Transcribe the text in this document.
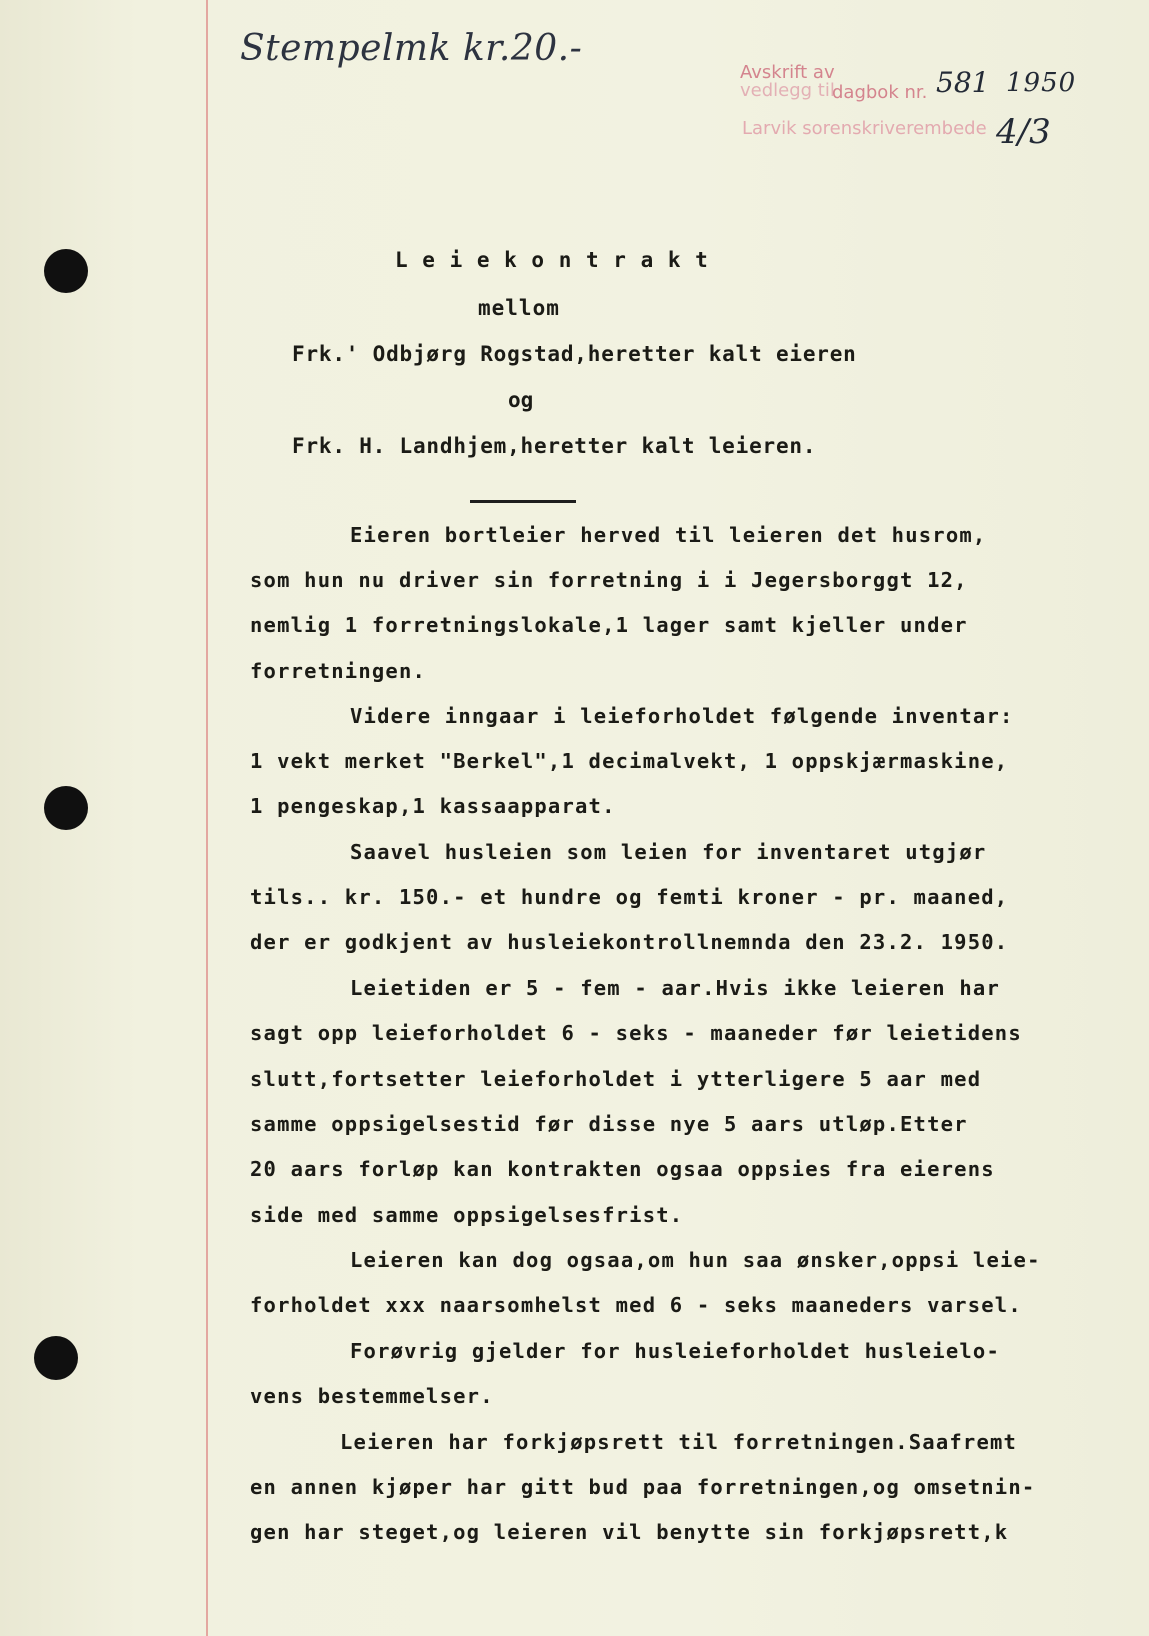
Stempelmk kr.20.-
Avskrift av
vedlegg til
dagbok nr.
Larvik sorenskriverembede
581 1950
4/3
L e i e k o n t r a k t
mellom
Frk.' Odbjørg Rogstad,heretter kalt eieren
og
Frk. H. Landhjem,heretter kalt leieren.
Eieren bortleier herved til leieren det husrom,
som hun nu driver sin forretning i i Jegersborggt 12,
nemlig 1 forretningslokale,1 lager samt kjeller under
forretningen.
Videre inngaar i leieforholdet følgende inventar:
1 vekt merket "Berkel",1 decimalvekt, 1 oppskjærmaskine,
1 pengeskap,1 kassaapparat.
Saavel husleien som leien for inventaret utgjør
tils.. kr. 150.- et hundre og femti kroner - pr. maaned,
der er godkjent av husleiekontrollnemnda den 23.2. 1950.
Leietiden er 5 - fem - aar.Hvis ikke leieren har
sagt opp leieforholdet 6 - seks - maaneder før leietidens
slutt,fortsetter leieforholdet i ytterligere 5 aar med
samme oppsigelsestid før disse nye 5 aars utløp.Etter
20 aars forløp kan kontrakten ogsaa oppsies fra eierens
side med samme oppsigelsesfrist.
Leieren kan dog ogsaa,om hun saa ønsker,oppsi leie-
forholdet xxx naarsomhelst med 6 - seks maaneders varsel.
Forøvrig gjelder for husleieforholdet husleielo-
vens bestemmelser.
Leieren har forkjøpsrett til forretningen.Saafremt
en annen kjøper har gitt bud paa forretningen,og omsetnin-
gen har steget,og leieren vil benytte sin forkjøpsrett,k
